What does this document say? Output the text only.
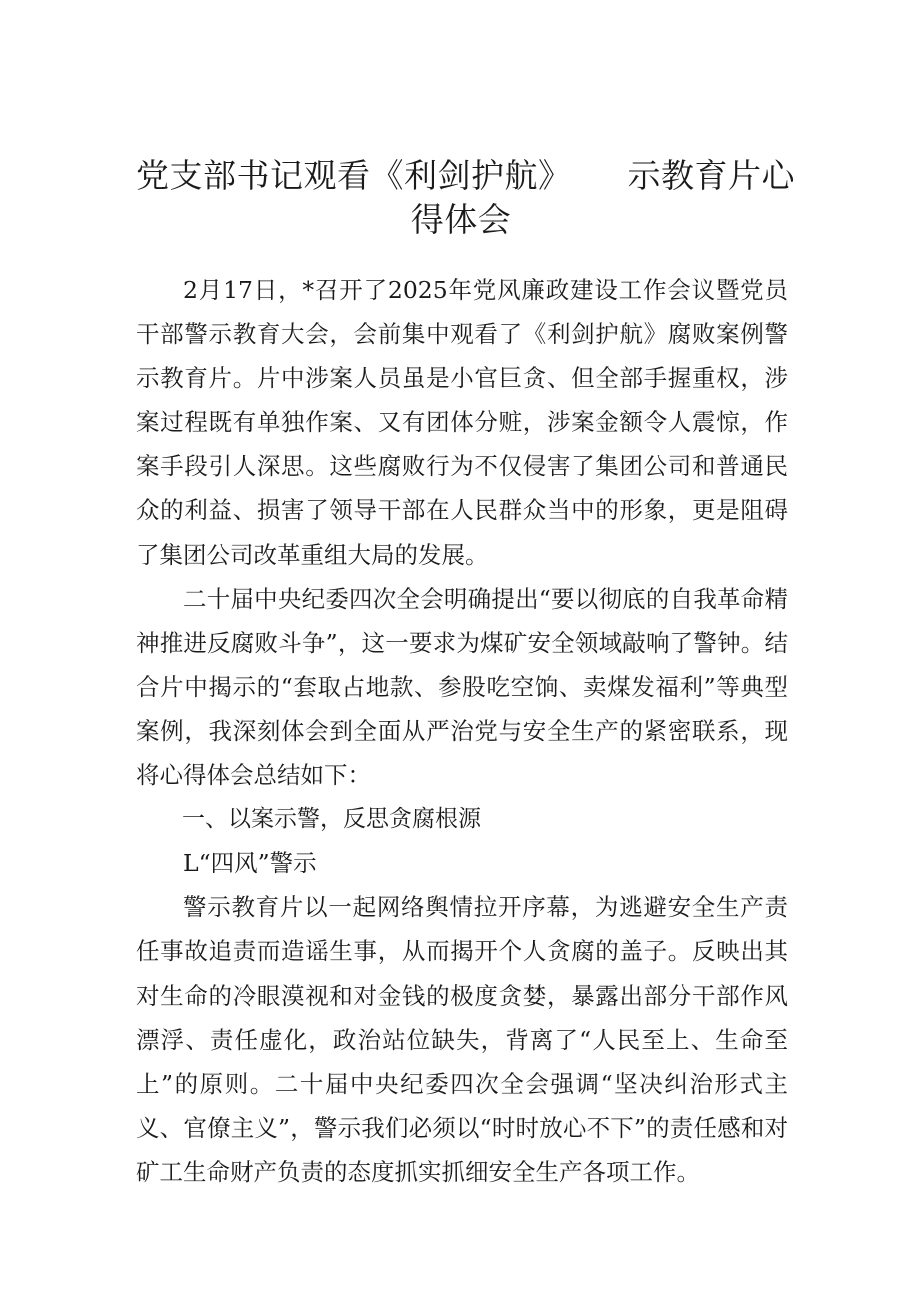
党支部书记观看《利剑护航》 示教育片心
得体会

2月17日，*召开了2025年党风廉政建设工作会议暨党员干部警示教育大会，会前集中观看了《利剑护航》腐败案例警示教育片。片中涉案人员虽是小官巨贪、但全部手握重权，涉案过程既有单独作案、又有团体分赃，涉案金额令人震惊，作案手段引人深思。这些腐败行为不仅侵害了集团公司和普通民众的利益、损害了领导干部在人民群众当中的形象，更是阻碍了集团公司改革重组大局的发展。

二十届中央纪委四次全会明确提出“要以彻底的自我革命精神推进反腐败斗争”，这一要求为煤矿安全领域敲响了警钟。结合片中揭示的“套取占地款、参股吃空饷、卖煤发福利”等典型案例，我深刻体会到全面从严治党与安全生产的紧密联系，现将心得体会总结如下：

一、以案示警，反思贪腐根源
L“四风”警示

警示教育片以一起网络舆情拉开序幕，为逃避安全生产责任事故追责而造谣生事，从而揭开个人贪腐的盖子。反映出其对生命的冷眼漠视和对金钱的极度贪婪，暴露出部分干部作风漂浮、责任虚化，政治站位缺失，背离了“人民至上、生命至上”的原则。二十届中央纪委四次全会强调“坚决纠治形式主义、官僚主义”，警示我们必须以“时时放心不下”的责任感和对矿工生命财产负责的态度抓实抓细安全生产各项工作。
